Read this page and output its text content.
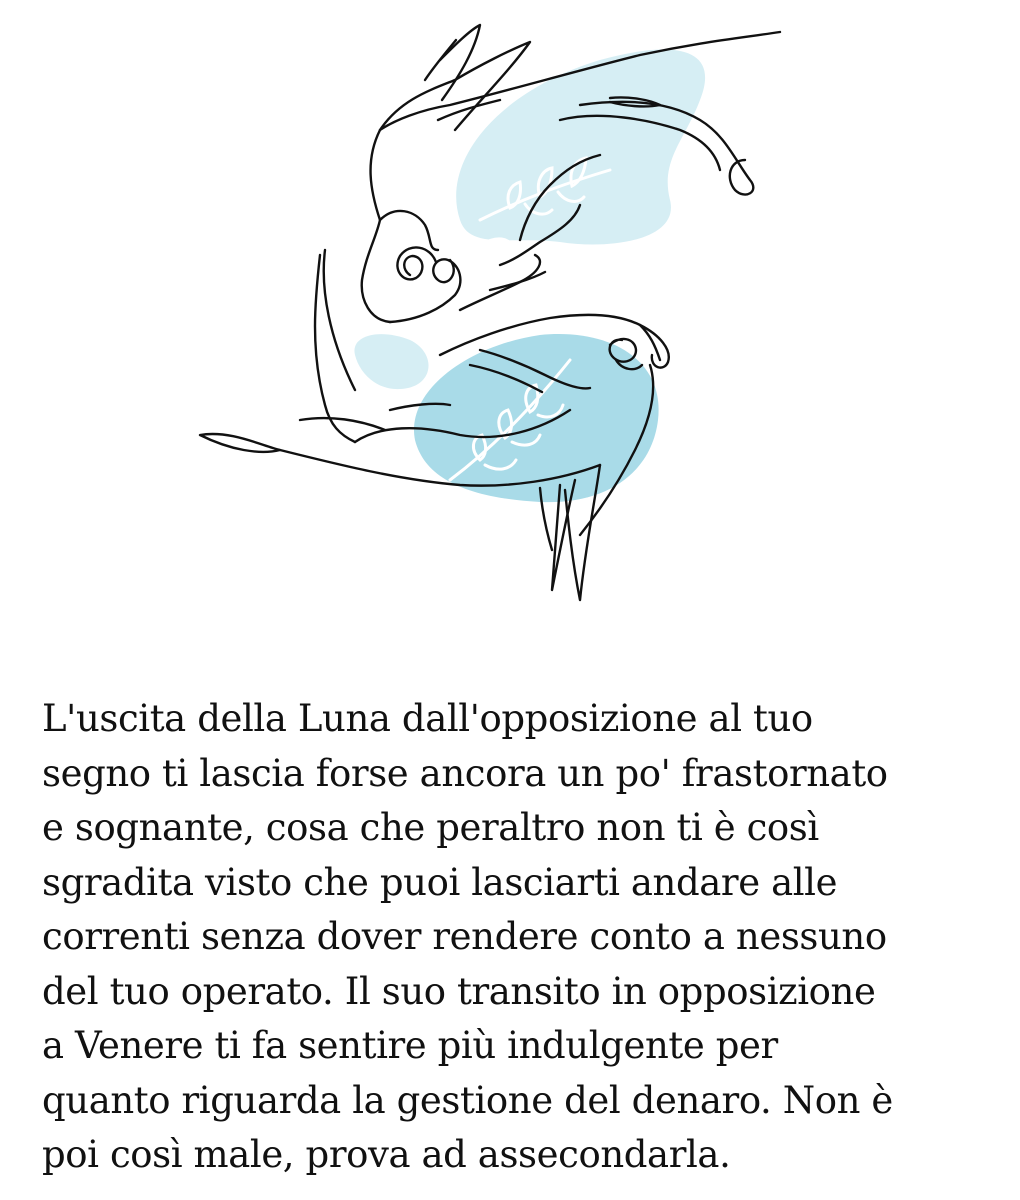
L'uscita della Luna dall'opposizione al tuo
segno ti lascia forse ancora un po' frastornato
e sognante, cosa che peraltro non ti è così
sgradita visto che puoi lasciarti andare alle
correnti senza dover rendere conto a nessuno
del tuo operato. Il suo transito in opposizione
a Venere ti fa sentire più indulgente per
quanto riguarda la gestione del denaro. Non è
poi così male, prova ad assecondarla.
